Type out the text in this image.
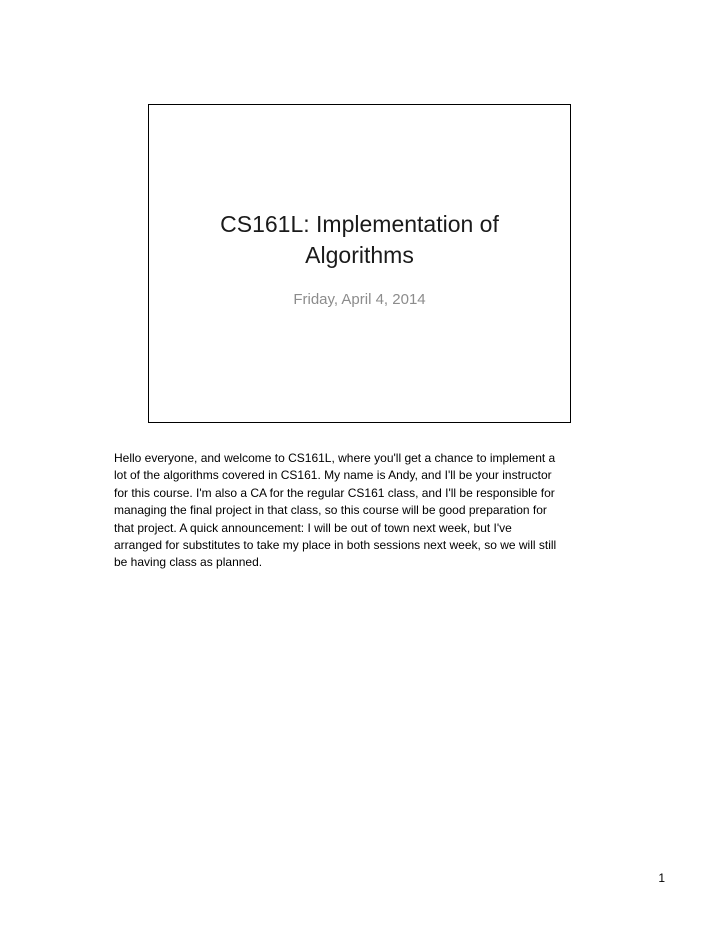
CS161L: Implementation of
Algorithms

Friday, April 4, 2014

Hello everyone, and welcome to CS161L, where you'll get a chance to implement a
lot of the algorithms covered in CS161. My name is Andy, and I'll be your instructor
for this course. I'm also a CA for the regular CS161 class, and I'll be responsible for
managing the final project in that class, so this course will be good preparation for
that project. A quick announcement: I will be out of town next week, but I've
arranged for substitutes to take my place in both sessions next week, so we will still
be having class as planned.

1
